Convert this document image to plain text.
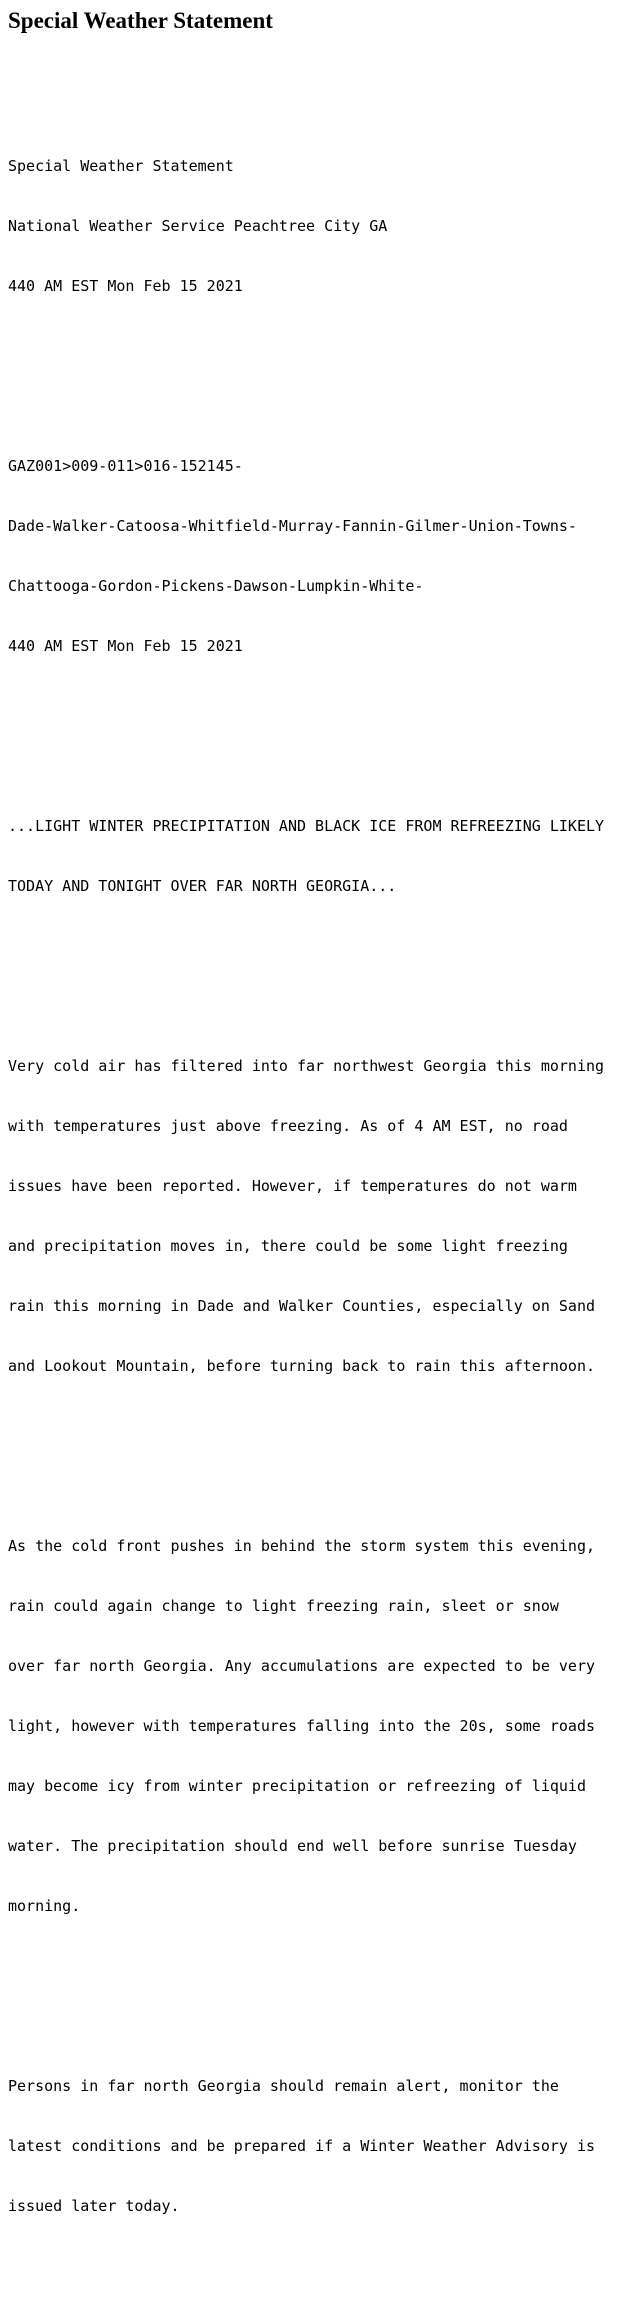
Special Weather Statement

Special Weather Statement

National Weather Service Peachtree City GA

440 AM EST Mon Feb 15 2021

GAZ001>009-011>016-152145-

Dade-Walker-Catoosa-Whitfield-Murray-Fannin-Gilmer-Union-Towns-

Chattooga-Gordon-Pickens-Dawson-Lumpkin-White-

440 AM EST Mon Feb 15 2021

...LIGHT WINTER PRECIPITATION AND BLACK ICE FROM REFREEZING LIKELY

TODAY AND TONIGHT OVER FAR NORTH GEORGIA...

Very cold air has filtered into far northwest Georgia this morning

with temperatures just above freezing. As of 4 AM EST, no road

issues have been reported. However, if temperatures do not warm

and precipitation moves in, there could be some light freezing

rain this morning in Dade and Walker Counties, especially on Sand

and Lookout Mountain, before turning back to rain this afternoon.

As the cold front pushes in behind the storm system this evening,

rain could again change to light freezing rain, sleet or snow

over far north Georgia. Any accumulations are expected to be very

light, however with temperatures falling into the 20s, some roads

may become icy from winter precipitation or refreezing of liquid

water. The precipitation should end well before sunrise Tuesday

morning.

Persons in far north Georgia should remain alert, monitor the

latest conditions and be prepared if a Winter Weather Advisory is

issued later today.
